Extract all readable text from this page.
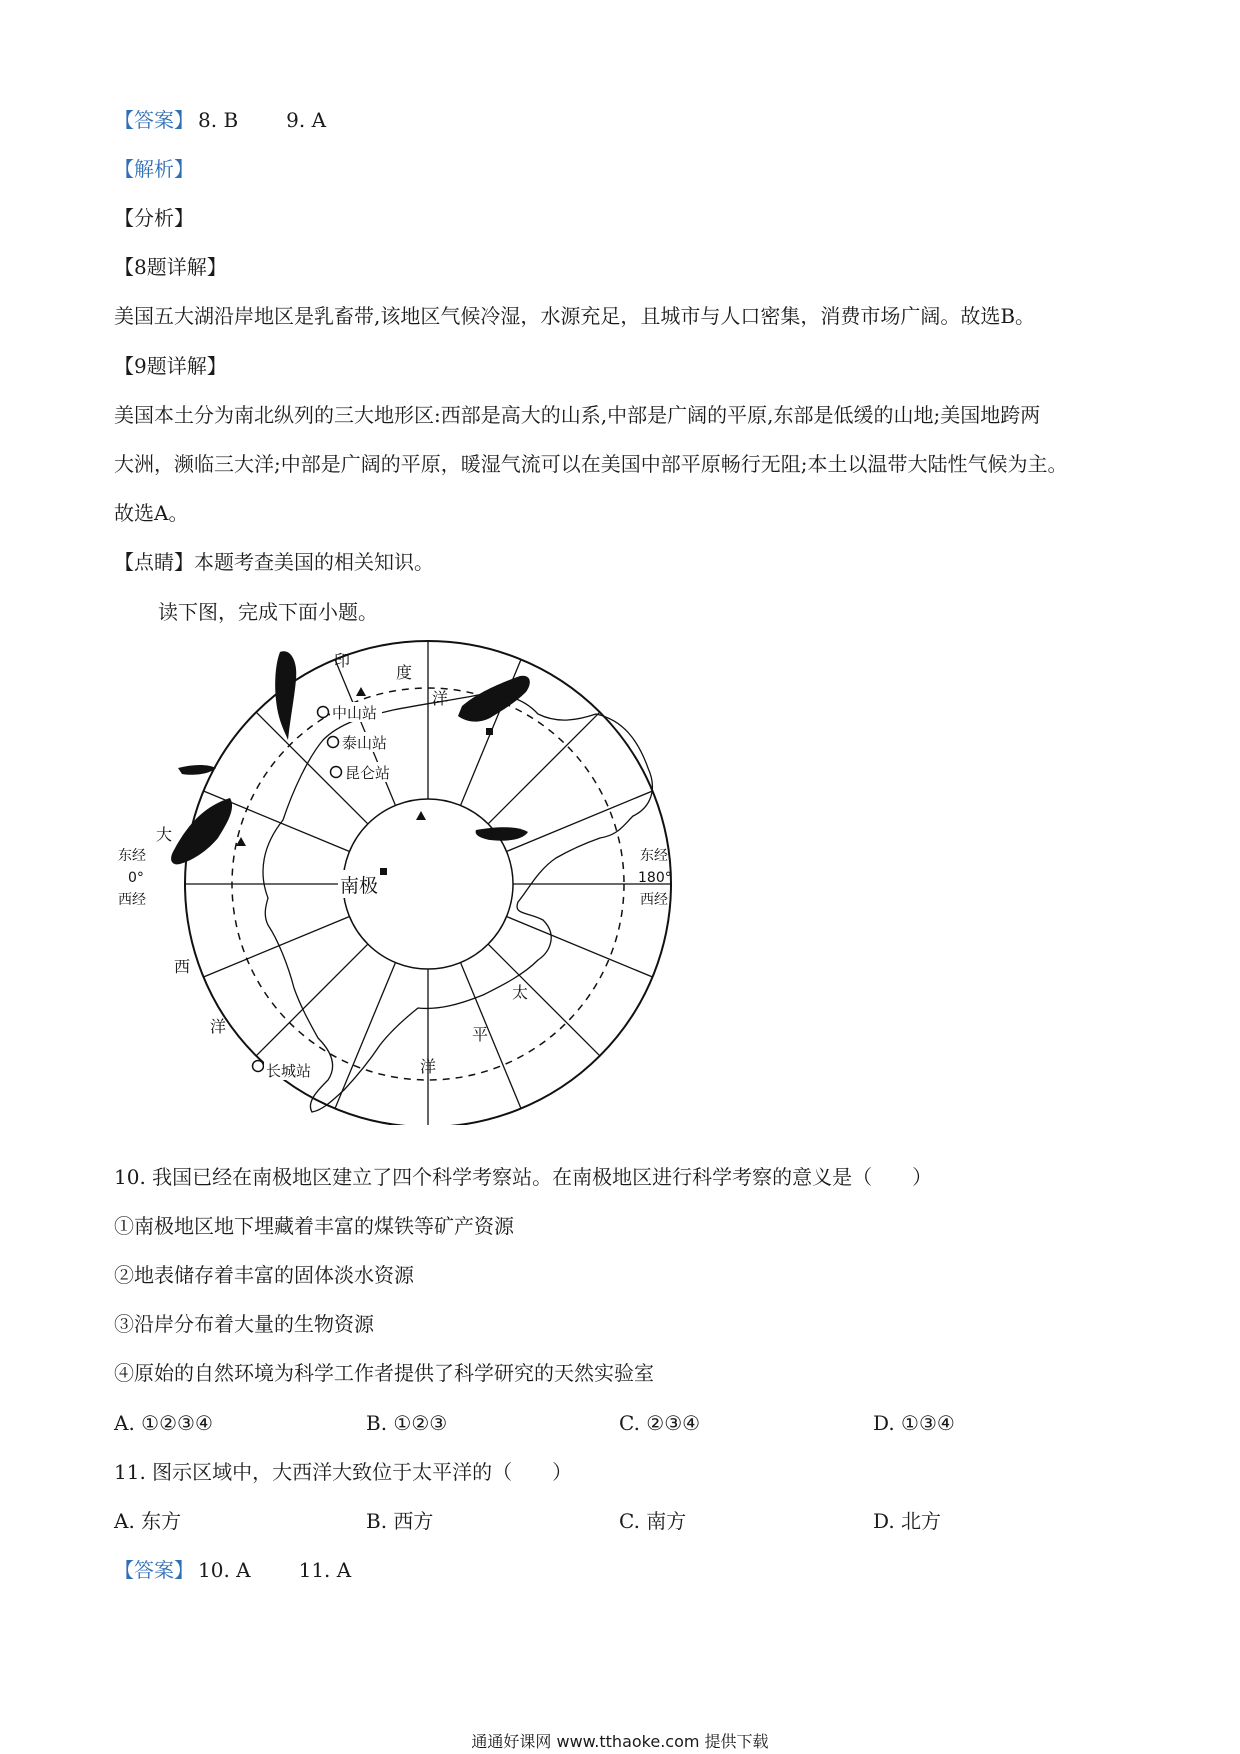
【答案】 8. B 9. A
【解析】
【分析】
【8题详解】
美国五大湖沿岸地区是乳畜带,该地区气候冷湿，水源充足，且城市与人口密集，消费市场广阔。故选B。
【9题详解】
美国本土分为南北纵列的三大地形区:西部是高大的山系,中部是广阔的平原,东部是低缓的山地;美国地跨两
大洲，濒临三大洋;中部是广阔的平原，暖湿气流可以在美国中部平原畅行无阻;本土以温带大陆性气候为主。
故选A。
【点睛】本题考查美国的相关知识。
读下图，完成下面小题。
中山站
泰山站
昆仑站
长城站
南极
印
度
洋
大
西
洋
太
平
洋
东经
0°
西经
东经
180°
西经
10. 我国已经在南极地区建立了四个科学考察站。在南极地区进行科学考察的意义是（　　）
①南极地区地下埋藏着丰富的煤铁等矿产资源
②地表储存着丰富的固体淡水资源
③沿岸分布着大量的生物资源
④原始的自然环境为科学工作者提供了科学研究的天然实验室
A. ①②③④	B. ①②③	C. ②③④	D. ①③④
11. 图示区域中，大西洋大致位于太平洋的（　　）
A. 东方	B. 西方	C. 南方	D. 北方
【答案】 10. A 11. A
通通好课网 www.tthaoke.com 提供下载
